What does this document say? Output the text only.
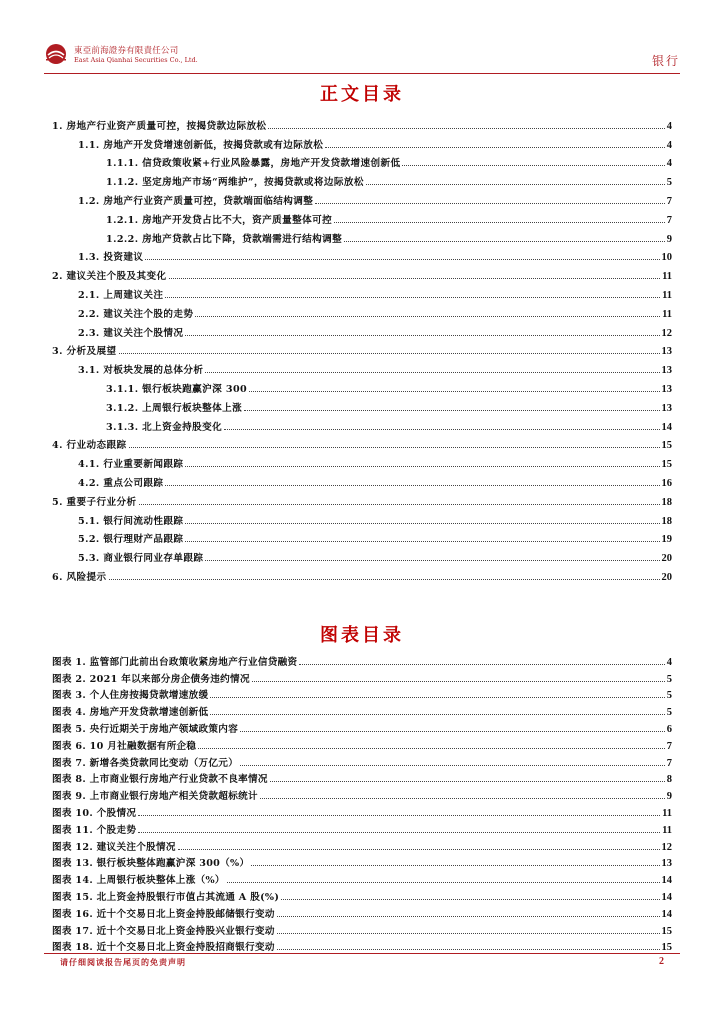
東亞前海證券有限責任公司
East Asia Qianhai Securities Co., Ltd.	银行
正文目录
1. 房地产行业资产质量可控，按揭贷款边际放松	4
1.1. 房地产开发贷增速创新低，按揭贷款或有边际放松	4
1.1.1. 信贷政策收紧+行业风险暴露，房地产开发贷款增速创新低	4
1.1.2. 坚定房地产市场“两维护”，按揭贷款或将边际放松	5
1.2. 房地产行业资产质量可控，贷款端面临结构调整	7
1.2.1. 房地产开发贷占比不大，资产质量整体可控	7
1.2.2. 房地产贷款占比下降，贷款端需进行结构调整	9
1.3. 投资建议	10
2. 建议关注个股及其变化	11
2.1. 上周建议关注	11
2.2. 建议关注个股的走势	11
2.3. 建议关注个股情况	12
3. 分析及展望	13
3.1. 对板块发展的总体分析	13
3.1.1. 银行板块跑赢沪深 300	13
3.1.2. 上周银行板块整体上涨	13
3.1.3. 北上资金持股变化	14
4. 行业动态跟踪	15
4.1. 行业重要新闻跟踪	15
4.2. 重点公司跟踪	16
5. 重要子行业分析	18
5.1. 银行间流动性跟踪	18
5.2. 银行理财产品跟踪	19
5.3. 商业银行同业存单跟踪	20
6. 风险提示	20
图表目录
图表 1. 监管部门此前出台政策收紧房地产行业信贷融资	4
图表 2. 2021 年以来部分房企债务违约情况	5
图表 3. 个人住房按揭贷款增速放缓	5
图表 4. 房地产开发贷款增速创新低	5
图表 5. 央行近期关于房地产领域政策内容	6
图表 6. 10 月社融数据有所企稳	7
图表 7. 新增各类贷款同比变动（万亿元）	7
图表 8. 上市商业银行房地产行业贷款不良率情况	8
图表 9. 上市商业银行房地产相关贷款超标统计	9
图表 10. 个股情况	11
图表 11. 个股走势	11
图表 12. 建议关注个股情况	12
图表 13. 银行板块整体跑赢沪深 300（%）	13
图表 14. 上周银行板块整体上涨（%）	14
图表 15. 北上资金持股银行市值占其流通 A 股(%)	14
图表 16. 近十个交易日北上资金持股邮储银行变动	14
图表 17. 近十个交易日北上资金持股兴业银行变动	15
图表 18. 近十个交易日北上资金持股招商银行变动	15
请仔细阅读报告尾页的免责声明	2
